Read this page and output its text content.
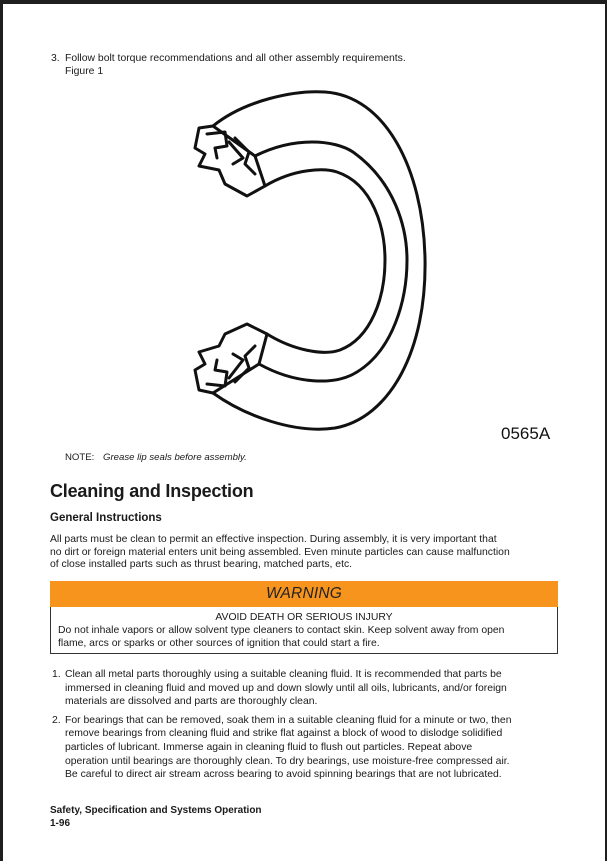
3. Follow bolt torque recommendations and all other assembly requirements.
Figure 1
0565A
NOTE: Grease lip seals before assembly.
Cleaning and Inspection
General Instructions
All parts must be clean to permit an effective inspection. During assembly, it is very important that
no dirt or foreign material enters unit being assembled. Even minute particles can cause malfunction
of close installed parts such as thrust bearing, matched parts, etc.
WARNING
AVOID DEATH OR SERIOUS INJURY
Do not inhale vapors or allow solvent type cleaners to contact skin. Keep solvent away from open
flame, arcs or sparks or other sources of ignition that could start a fire.
1. Clean all metal parts thoroughly using a suitable cleaning fluid. It is recommended that parts be
immersed in cleaning fluid and moved up and down slowly until all oils, lubricants, and/or foreign
materials are dissolved and parts are thoroughly clean.
2. For bearings that can be removed, soak them in a suitable cleaning fluid for a minute or two, then
remove bearings from cleaning fluid and strike flat against a block of wood to dislodge solidified
particles of lubricant. Immerse again in cleaning fluid to flush out particles. Repeat above
operation until bearings are thoroughly clean. To dry bearings, use moisture-free compressed air.
Be careful to direct air stream across bearing to avoid spinning bearings that are not lubricated.
Safety, Specification and Systems Operation
1-96
